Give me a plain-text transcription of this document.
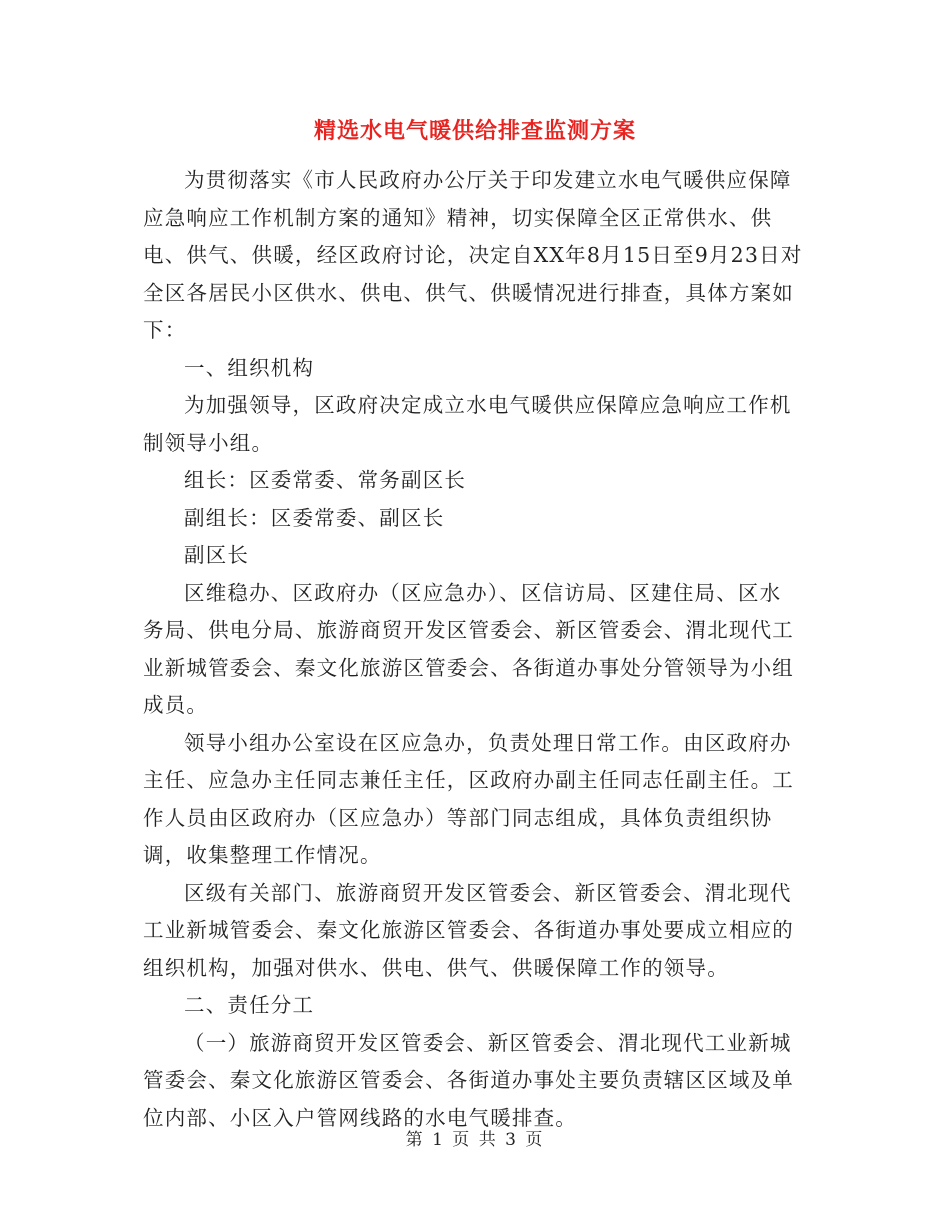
精选水电气暖供给排查监测方案

为贯彻落实《市人民政府办公厅关于印发建立水电气暖供应保障应急响应工作机制方案的通知》精神，切实保障全区正常供水、供电、供气、供暖，经区政府讨论，决定自XX年8月15日至9月23日对全区各居民小区供水、供电、供气、供暖情况进行排查，具体方案如下：

一、组织机构

为加强领导，区政府决定成立水电气暖供应保障应急响应工作机制领导小组。

组长：区委常委、常务副区长

副组长：区委常委、副区长

副区长

区维稳办、区政府办（区应急办）、区信访局、区建住局、区水务局、供电分局、旅游商贸开发区管委会、新区管委会、渭北现代工业新城管委会、秦文化旅游区管委会、各街道办事处分管领导为小组成员。

领导小组办公室设在区应急办，负责处理日常工作。由区政府办主任、应急办主任同志兼任主任，区政府办副主任同志任副主任。工作人员由区政府办（区应急办）等部门同志组成，具体负责组织协调，收集整理工作情况。

区级有关部门、旅游商贸开发区管委会、新区管委会、渭北现代工业新城管委会、秦文化旅游区管委会、各街道办事处要成立相应的组织机构，加强对供水、供电、供气、供暖保障工作的领导。

二、责任分工

（一）旅游商贸开发区管委会、新区管委会、渭北现代工业新城管委会、秦文化旅游区管委会、各街道办事处主要负责辖区区域及单位内部、小区入户管网线路的水电气暖排查。

第 1 页 共 3 页
